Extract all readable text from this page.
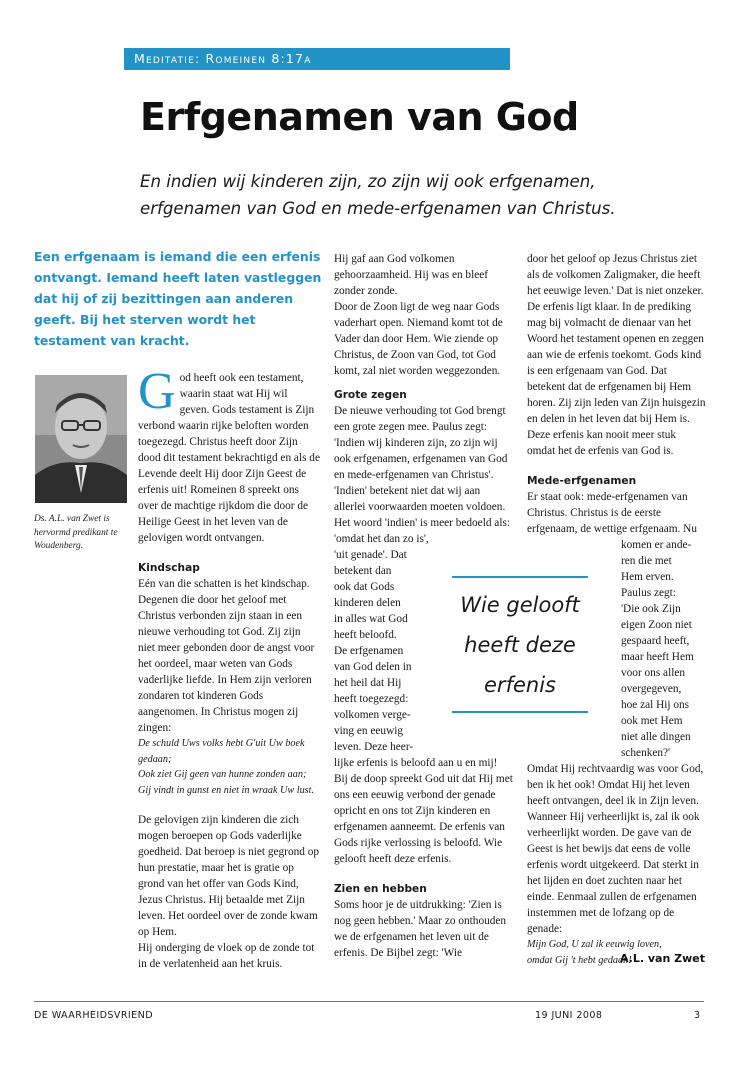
Meditatie: Romeinen 8:17a
Erfgenamen van God
En indien wij kinderen zijn, zo zijn wij ook erfgenamen, erfgenamen van God en mede-erfgenamen van Christus.
Een erfgenaam is iemand die een erfenis ontvangt. Iemand heeft laten vastleggen dat hij of zij bezittingen aan anderen geeft. Bij het sterven wordt het testament van kracht.
Ds. A.L. van Zwet is hervormd predikant te Woudenberg.

God heeft ook een testament, waarin staat wat Hij wil geven. Gods testament is Zijn verbond waarin rijke beloften worden toegezegd. Christus heeft door Zijn dood dit testament bekrachtigd en als de Levende deelt Hij door Zijn Geest de erfenis uit! Romeinen 8 spreekt ons over de machtige rijkdom die door de Heilige Geest in het leven van de gelovigen wordt ontvangen.

Kindschap

Eén van die schatten is het kindschap. Degenen die door het geloof met Christus verbonden zijn staan in een nieuwe verhouding tot God. Zij zijn niet meer gebonden door de angst voor het oordeel, maar weten van Gods vaderlijke liefde. In Hem zijn verloren zondaren tot kinderen Gods aangenomen. In Christus mogen zij zingen:

De schuld Uws volks hebt G'uit Uw boek gedaan;

Ook ziet Gij geen van hunne zonden aan; Gij vindt in gunst en niet in wraak Uw lust.

De gelovigen zijn kinderen die zich mogen beroepen op Gods vaderlijke goedheid. Dat beroep is niet gegrond op hun prestatie, maar het is gratie op grond van het offer van Gods Kind, Jezus Christus. Hij betaalde met Zijn leven. Het oordeel over de zonde kwam op Hem.

Hij onderging de vloek op de zonde tot in de verlatenheid aan het kruis.

Hij gaf aan God volkomen gehoorzaamheid. Hij was en bleef zonder zonde.

Door de Zoon ligt de weg naar Gods vaderhart open. Niemand komt tot de Vader dan door Hem. Wie ziende op Christus, de Zoon van God, tot God komt, zal niet worden weggezonden.

Grote zegen

De nieuwe verhouding tot God brengt een grote zegen mee. Paulus zegt: 'Indien wij kinderen zijn, zo zijn wij ook erfgenamen, erfgenamen van God en mede-erfgenamen van Christus'. 'Indien' betekent niet dat wij aan allerlei voorwaarden moeten voldoen. Het woord 'indien' is meer bedoeld als: 'omdat het dan zo is',

'uit genade'. Dat
betekent dan
ook dat Gods
kinderen delen
in alles wat God
heeft beloofd.
De erfgenamen
van God delen in
het heil dat Hij
heeft toegezegd:
volkomen verge-
ving en eeuwig
leven. Deze heer-

lijke erfenis is beloofd aan u en mij! Bij de doop spreekt God uit dat Hij met ons een eeuwig verbond der genade opricht en ons tot Zijn kinderen en erfgenamen aanneemt. De erfenis van Gods rijke verlossing is beloofd. Wie gelooft heeft deze erfenis.

Zien en hebben

Soms hoor je de uitdrukking: 'Zien is nog geen hebben.' Maar zo onthouden we de erfgenamen het leven uit de erfenis. De Bijbel zegt: 'Wie

door het geloof op Jezus Christus ziet als de volkomen Zaligmaker, die heeft het eeuwige leven.' Dat is niet onzeker.

De erfenis ligt klaar. In de prediking mag bij volmacht de dienaar van het Woord het testament openen en zeggen aan wie de erfenis toekomt. Gods kind is een erfgenaam van God. Dat betekent dat de erfgenamen bij Hem horen. Zij zijn leden van Zijn huisgezin en delen in het leven dat bij Hem is. Deze erfenis kan nooit meer stuk omdat het de erfenis van God is.

Mede-erfgenamen

Er staat ook: mede-erfgenamen van Christus. Christus is de eerste erfgenaam, de wettige erfgenaam. Nu

komen er ande-
ren die met
Hem erven.
Paulus zegt:
'Die ook Zijn
eigen Zoon niet
gespaard heeft,
maar heeft Hem
voor ons allen
overgegeven,
hoe zal Hij ons
ook met Hem
niet alle dingen
schenken?'

Omdat Hij rechtvaardig was voor God, ben ik het ook! Omdat Hij het leven heeft ontvangen, deel ik in Zijn leven. Wanneer Hij verheerlijkt is, zal ik ook verheerlijkt worden. De gave van de Geest is het bewijs dat eens de volle erfenis wordt uitgekeerd. Dat sterkt in het lijden en doet zuchten naar het einde. Eenmaal zullen de erfgenamen instemmen met de lofzang op de genade:

Mijn God, U zal ik eeuwig loven,

omdat Gij 't hebt gedaan!

Wie gelooft
heeft deze
erfenis
A.L. van Zwet
DE WAARHEIDSVRIEND	19 JUNI 2008	3
